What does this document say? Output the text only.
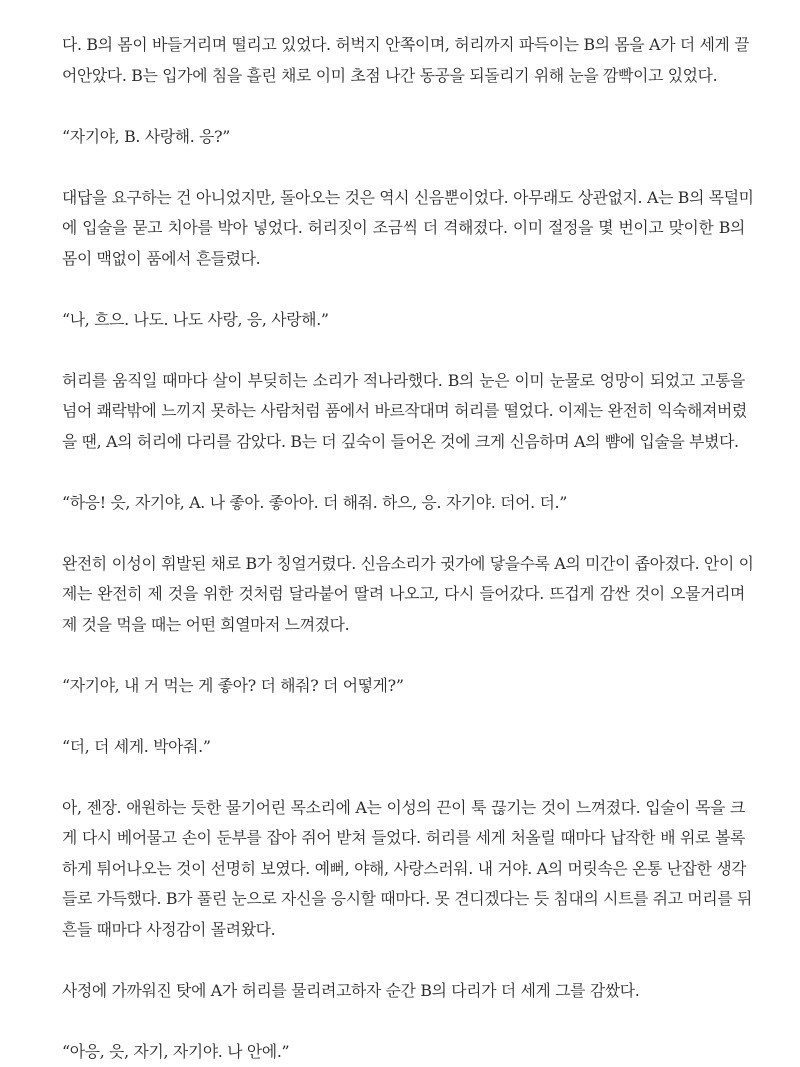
다. B의 몸이 바들거리며 떨리고 있었다. 허벅지 안쪽이며, 허리까지 파득이는 B의 몸을 A가 더 세게 끌
어안았다. B는 입가에 침을 흘린 채로 이미 초점 나간 동공을 되돌리기 위해 눈을 깜빡이고 있었다.

“자기야, B. 사랑해. 응?”

대답을 요구하는 건 아니었지만, 돌아오는 것은 역시 신음뿐이었다. 아무래도 상관없지. A는 B의 목덜미
에 입술을 묻고 치아를 박아 넣었다. 허리짓이 조금씩 더 격해졌다. 이미 절정을 몇 번이고 맞이한 B의
몸이 맥없이 품에서 흔들렸다.

“나, 흐으. 나도. 나도 사랑, 응, 사랑해.”

허리를 움직일 때마다 살이 부딪히는 소리가 적나라했다. B의 눈은 이미 눈물로 엉망이 되었고 고통을
넘어 쾌락밖에 느끼지 못하는 사람처럼 품에서 바르작대며 허리를 떨었다. 이제는 완전히 익숙해져버렸
을 땐, A의 허리에 다리를 감았다. B는 더 깊숙이 들어온 것에 크게 신음하며 A의 뺨에 입술을 부볐다.

“하응! 읏, 자기야, A. 나 좋아. 좋아아. 더 해줘. 하으, 응. 자기야. 더어. 더.”

완전히 이성이 휘발된 채로 B가 칭얼거렸다. 신음소리가 귓가에 닿을수록 A의 미간이 좁아졌다. 안이 이
제는 완전히 제 것을 위한 것처럼 달라붙어 딸려 나오고, 다시 들어갔다. 뜨겁게 감싼 것이 오물거리며
제 것을 먹을 때는 어떤 희열마저 느껴졌다.

“자기야, 내 거 먹는 게 좋아? 더 해줘? 더 어떻게?”

“더, 더 세게. 박아줘.”

아, 젠장. 애원하는 듯한 물기어린 목소리에 A는 이성의 끈이 툭 끊기는 것이 느껴졌다. 입술이 목을 크
게 다시 베어물고 손이 둔부를 잡아 쥐어 받쳐 들었다. 허리를 세게 처올릴 때마다 납작한 배 위로 볼록
하게 튀어나오는 것이 선명히 보였다. 예뻐, 야해, 사랑스러워. 내 거야. A의 머릿속은 온통 난잡한 생각
들로 가득했다. B가 풀린 눈으로 자신을 응시할 때마다. 못 견디겠다는 듯 침대의 시트를 쥐고 머리를 뒤
흔들 때마다 사정감이 몰려왔다.

사정에 가까워진 탓에 A가 허리를 물리려고하자 순간 B의 다리가 더 세게 그를 감쌌다.

“아응, 읏, 자기, 자기야. 나 안에.”
